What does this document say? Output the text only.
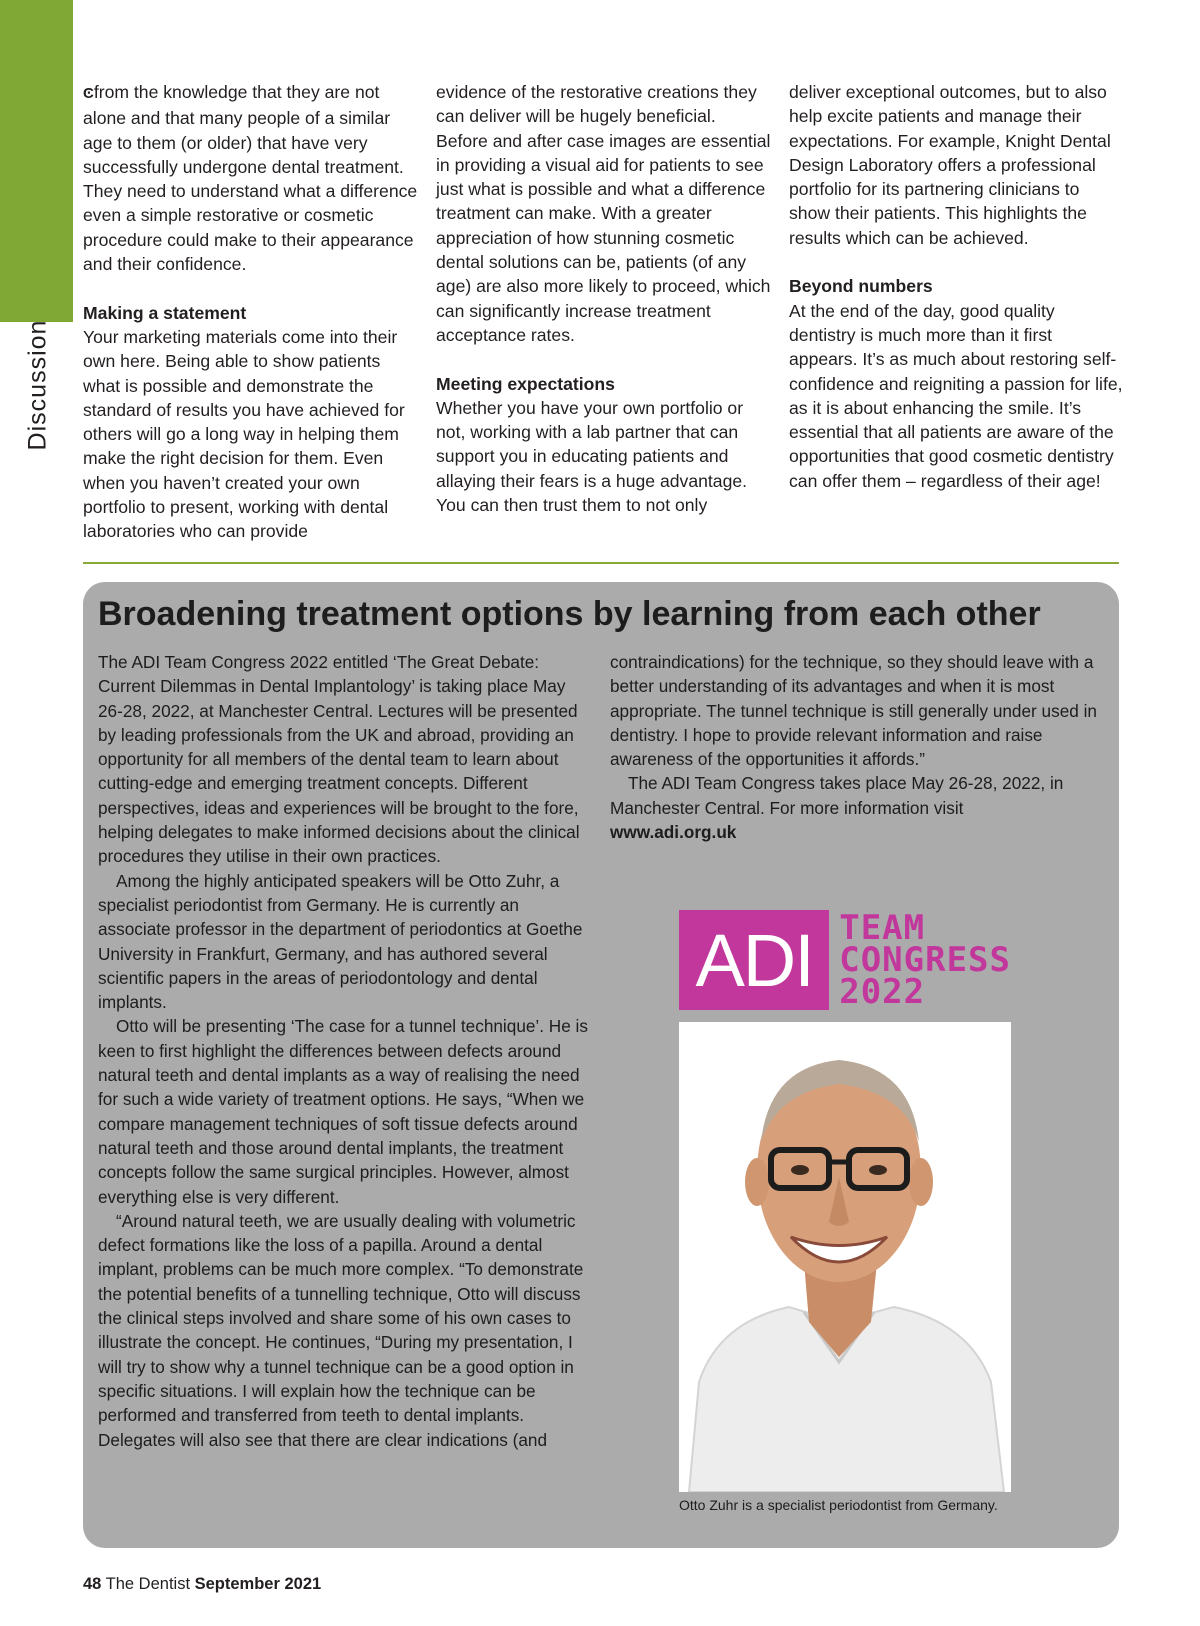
Discussion

Ͼfrom the knowledge that they are not alone and that many people of a similar age to them (or older) that have very successfully undergone dental treatment. They need to understand what a difference even a simple restorative or cosmetic procedure could make to their appearance and their confidence.

Making a statement

Your marketing materials come into their own here. Being able to show patients what is possible and demonstrate the standard of results you have achieved for others will go a long way in helping them make the right decision for them. Even when you haven’t created your own portfolio to present, working with dental laboratories who can provide

evidence of the restorative creations they can deliver will be hugely beneficial. Before and after case images are essential in providing a visual aid for patients to see just what is possible and what a difference treatment can make. With a greater appreciation of how stunning cosmetic dental solutions can be, patients (of any age) are also more likely to proceed, which can significantly increase treatment acceptance rates.

Meeting expectations

Whether you have your own portfolio or not, working with a lab partner that can support you in educating patients and allaying their fears is a huge advantage. You can then trust them to not only

deliver exceptional outcomes, but to also help excite patients and manage their expectations. For example, Knight Dental Design Laboratory offers a professional portfolio for its partnering clinicians to show their patients. This highlights the results which can be achieved.

Beyond numbers

At the end of the day, good quality dentistry is much more than it first appears. It’s as much about restoring self-confidence and reigniting a passion for life, as it is about enhancing the smile. It’s essential that all patients are aware of the opportunities that good cosmetic dentistry can offer them – regardless of their age!

Broadening treatment options by learning from each other

The ADI Team Congress 2022 entitled ‘The Great Debate: Current Dilemmas in Dental Implantology’ is taking place May 26-28, 2022, at Manchester Central. Lectures will be presented by leading professionals from the UK and abroad, providing an opportunity for all members of the dental team to learn about cutting-edge and emerging treatment concepts. Different perspectives, ideas and experiences will be brought to the fore, helping delegates to make informed decisions about the clinical procedures they utilise in their own practices.

Among the highly anticipated speakers will be Otto Zuhr, a specialist periodontist from Germany. He is currently an associate professor in the department of periodontics at Goethe University in Frankfurt, Germany, and has authored several scientific papers in the areas of periodontology and dental implants.

Otto will be presenting ‘The case for a tunnel technique’. He is keen to first highlight the differences between defects around natural teeth and dental implants as a way of realising the need for such a wide variety of treatment options. He says, “When we compare management techniques of soft tissue defects around natural teeth and those around dental implants, the treatment concepts follow the same surgical principles. However, almost everything else is very different.

“Around natural teeth, we are usually dealing with volumetric defect formations like the loss of a papilla. Around a dental implant, problems can be much more complex. “To demonstrate the potential benefits of a tunnelling technique, Otto will discuss the clinical steps involved and share some of his own cases to illustrate the concept. He continues, “During my presentation, I will try to show why a tunnel technique can be a good option in specific situations. I will explain how the technique can be performed and transferred from teeth to dental implants. Delegates will also see that there are clear indications (and

contraindications) for the technique, so they should leave with a better understanding of its advantages and when it is most appropriate. The tunnel technique is still generally under used in dentistry. I hope to provide relevant information and raise awareness of the opportunities it affords.”

The ADI Team Congress takes place May 26-28, 2022, in Manchester Central. For more information visit

www.adi.org.uk

ADI TEAM
CONGRESS
2022
Otto Zuhr is a specialist periodontist from Germany.
48 The Dentist September 2021
